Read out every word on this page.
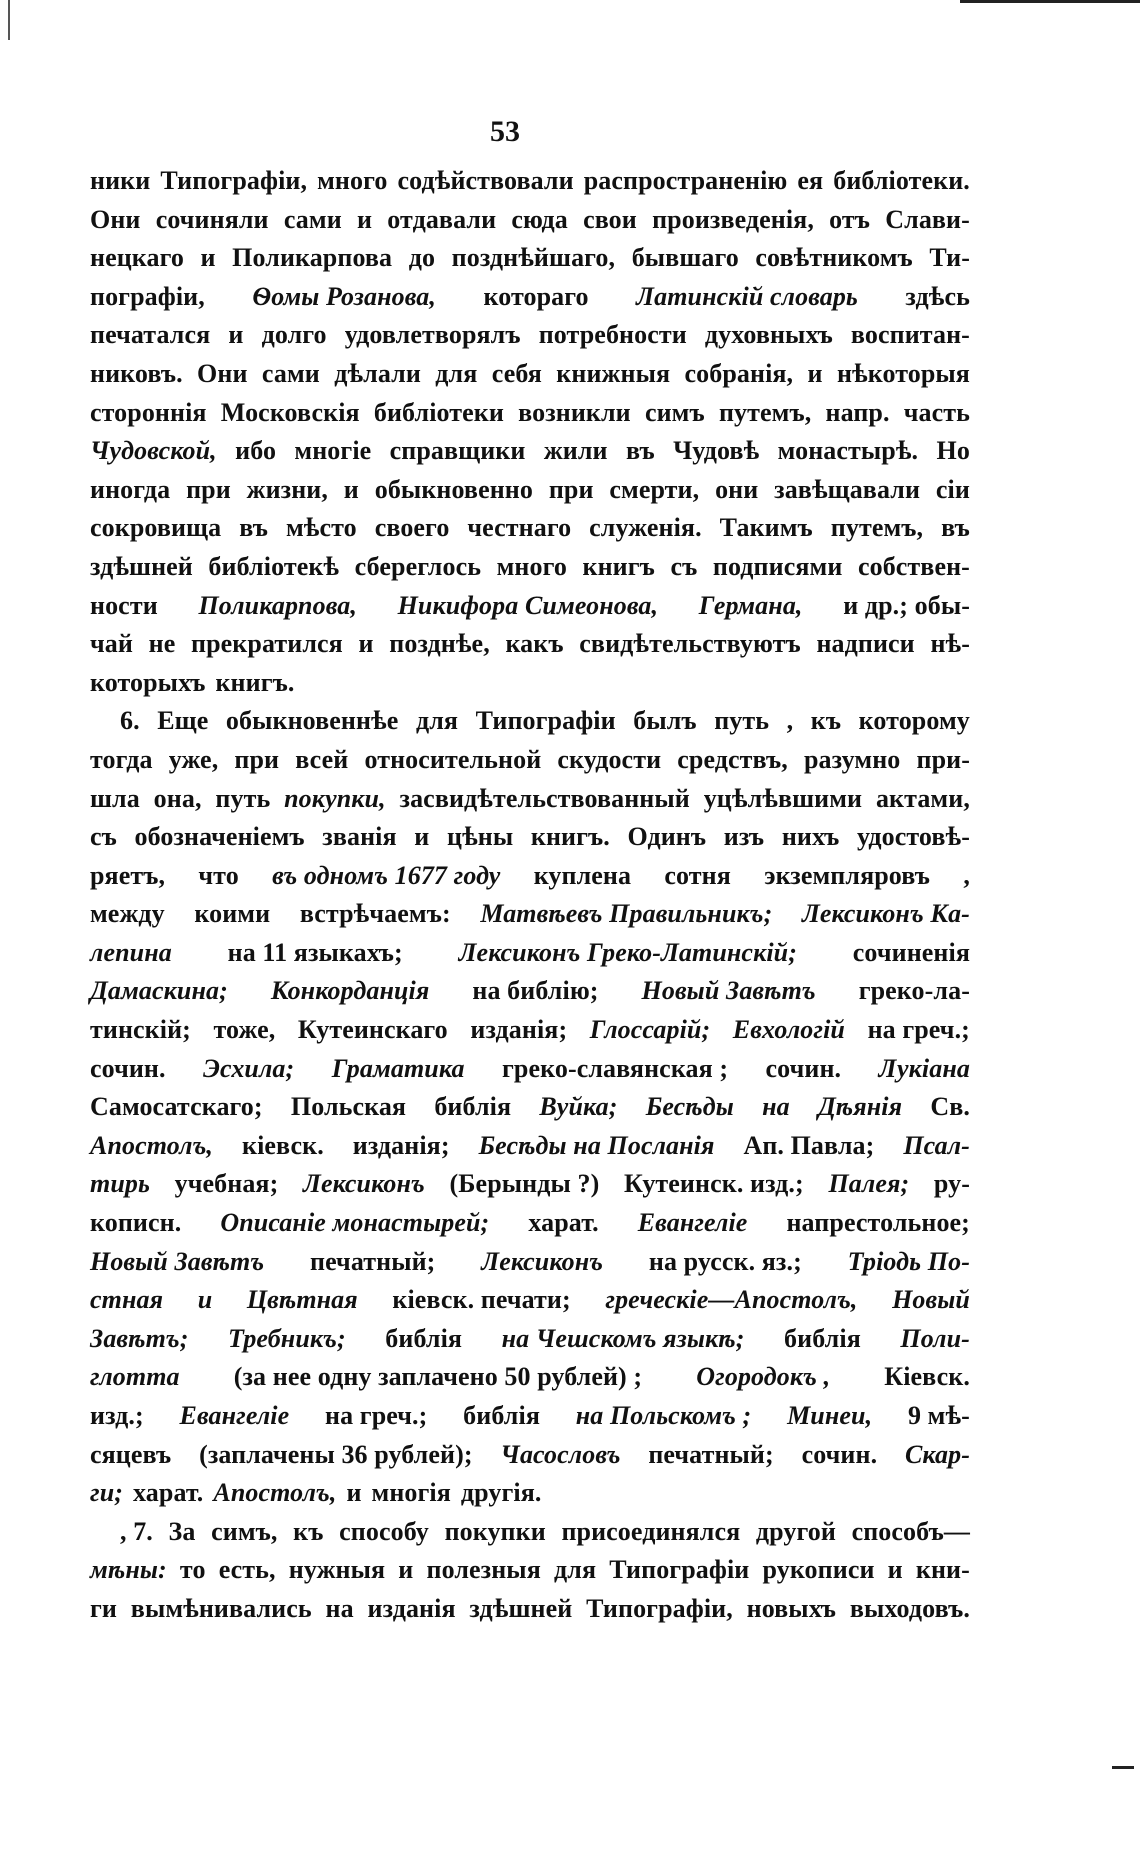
53
ники Типографіи, много содѣйствовали распространенію ея библіотеки.
Они сочиняли сами и отдавали сюда свои произведенія, отъ Слави-
нецкаго и Поликарпова до позднѣйшаго, бывшаго совѣтникомъ Ти-
пографіи, Ѳомы Розанова, котораго Латинскій словарь здѣсь
печатался и долго удовлетворялъ потребности духовныхъ воспитан-
никовъ. Они сами дѣлали для себя книжныя собранія, и нѣкоторыя
стороннія Московскія библіотеки возникли симъ путемъ, напр. часть
Чудовской, ибо многіе справщики жили въ Чудовѣ монастырѣ. Но
иногда при жизни, и обыкновенно при смерти, они завѣщавали сіи
сокровища въ мѣсто своего честнаго служенія. Такимъ путемъ, въ
здѣшней библіотекѣ сбереглось много книгъ съ подписями собствен-
ности Поликарпова, Никифора Симеонова, Германа, и др.; обы-
чай не прекратился и позднѣе, какъ свидѣтельствуютъ надписи нѣ-
которыхъ книгъ.
6. Еще обыкновеннѣе для Типографіи былъ путь , къ которому
тогда уже, при всей относительной скудости средствъ, разумно при-
шла она, путь покупки, засвидѣтельствованный уцѣлѣвшими актами,
съ обозначеніемъ званія и цѣны книгъ. Одинъ изъ нихъ удостовѣ-
ряетъ, что въ одномъ 1677 году куплена сотня экземпляровъ ,
между коими встрѣчаемъ: Матвѣевъ Правильникъ; Лексиконъ Ка-
лепина на 11 языкахъ; Лексиконъ Греко-Латинскій; сочиненія
Дамаскина; Конкорданція на библію; Новый Завѣтъ греко-ла-
тинскій; тоже, Кутеинскаго изданія; Глоссарій; Евхологій на греч.;
сочин. Эсхила; Граматика греко-славянская ; сочин. Лукіана
Самосатскаго; Польская библія Вуйка; Бесѣды на Дѣянія Св.
Апостолъ, кіевск. изданія; Бесѣды на Посланія Ап. Павла; Псал-
тирь учебная; Лексиконъ (Берынды ?) Кутеинск. изд.; Палея; ру-
кописн. Описаніе монастырей; харат. Евангеліе напрестольное;
Новый Завѣтъ печатный; Лексиконъ на русск. яз.; Тріодь По-
стная и Цвѣтная кіевск. печати; греческіе—Апостолъ, Новый
Завѣтъ; Требникъ; библія на Чешскомъ языкѣ; библія Поли-
глотта (за нее одну заплачено 50 рублей) ; Огородокъ , Кіевск.
изд.; Евангеліе на греч.; библія на Польскомъ ; Минеи, 9 мѣ-
сяцевъ (заплачены 36 рублей); Часословъ печатный; сочин. Скар-
ги; харат. Апостолъ, и многія другія.
, 7. За симъ, къ способу покупки присоединялся другой способъ—
мѣны: то есть, нужныя и полезныя для Типографіи рукописи и кни-
ги вымѣнивались на изданія здѣшней Типографіи, новыхъ выходовъ.
